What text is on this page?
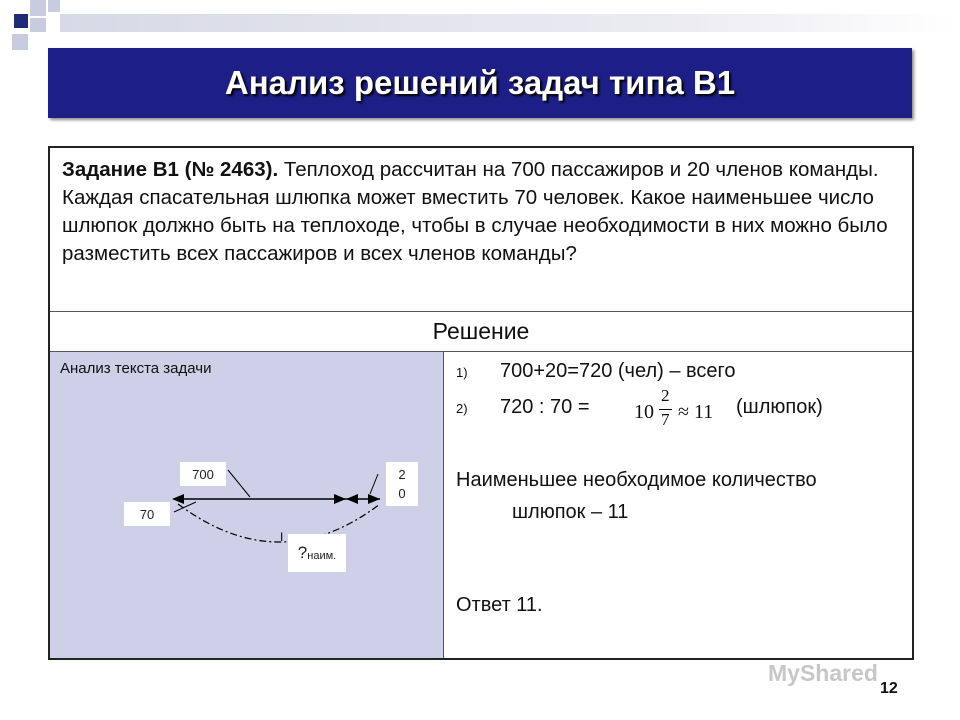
Анализ решений задач типа В1
Задание В1 (№ 2463). Теплоход рассчитан на 700 пассажиров и 20 членов команды. Каждая спасательная шлюпка может вместить 70 человек. Какое наименьшее число шлюпок должно быть на теплоходе, чтобы в случае необходимости в них можно было разместить всех пассажиров и всех членов команды?
Решение
Анализ текста задачи
700	2
0
70
? наим.
I
1) 700+20=720 (чел) – всего
2) 720 : 70 = 10
2
7 ≈ 11 (шлюпок)
Наименьшее необходимое количество
шлюпок – 11
Ответ 11.
MyShared
12
